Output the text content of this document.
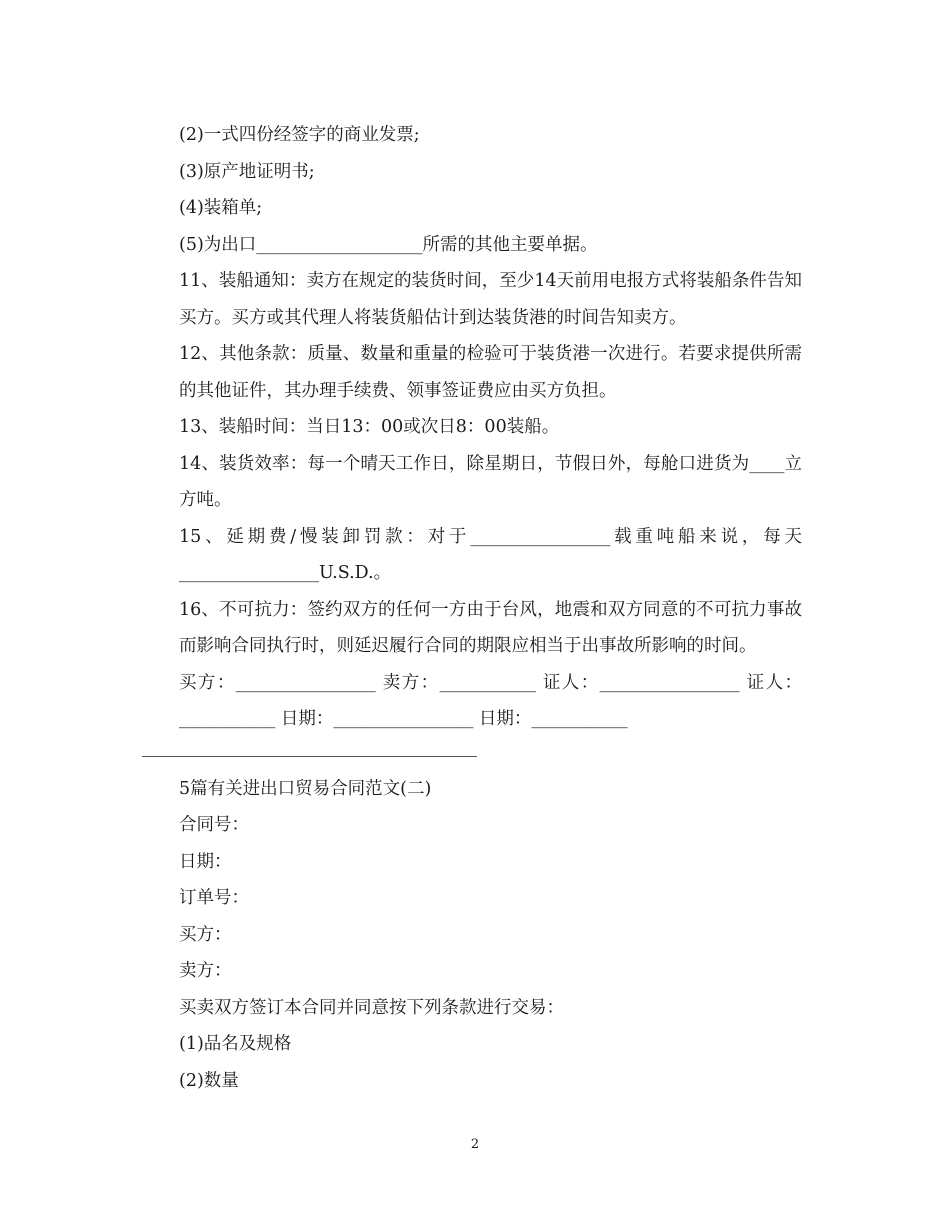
(2)一式四份经签字的商业发票;
(3)原产地证明书;
(4)装箱单;
(5)为出口___________________所需的其他主要单据。
11、装船通知：卖方在规定的装货时间，至少14天前用电报方式将装船条件告知买方。买方或其代理人将装货船估计到达装货港的时间告知卖方。
12、其他条款：质量、数量和重量的检验可于装货港一次进行。若要求提供所需的其他证件，其办理手续费、领事签证费应由买方负担。
13、装船时间：当日13：00或次日8：00装船。
14、装货效率：每一个晴天工作日，除星期日，节假日外，每舱口进货为____立方吨。
15、延期费/慢装卸罚款：对于________________载重吨船来说，每天________________U.S.D.。
16、不可抗力：签约双方的任何一方由于台风，地震和双方同意的不可抗力事故而影响合同执行时，则延迟履行合同的期限应相当于出事故所影响的时间。
买方：________________ 卖方：___________ 证人：________________ 证人：___________ 日期：________________ 日期：___________
5篇有关进出口贸易合同范文(二)
合同号：
日期：
订单号：
买方：
卖方：
买卖双方签订本合同并同意按下列条款进行交易：
(1)品名及规格
(2)数量
2
